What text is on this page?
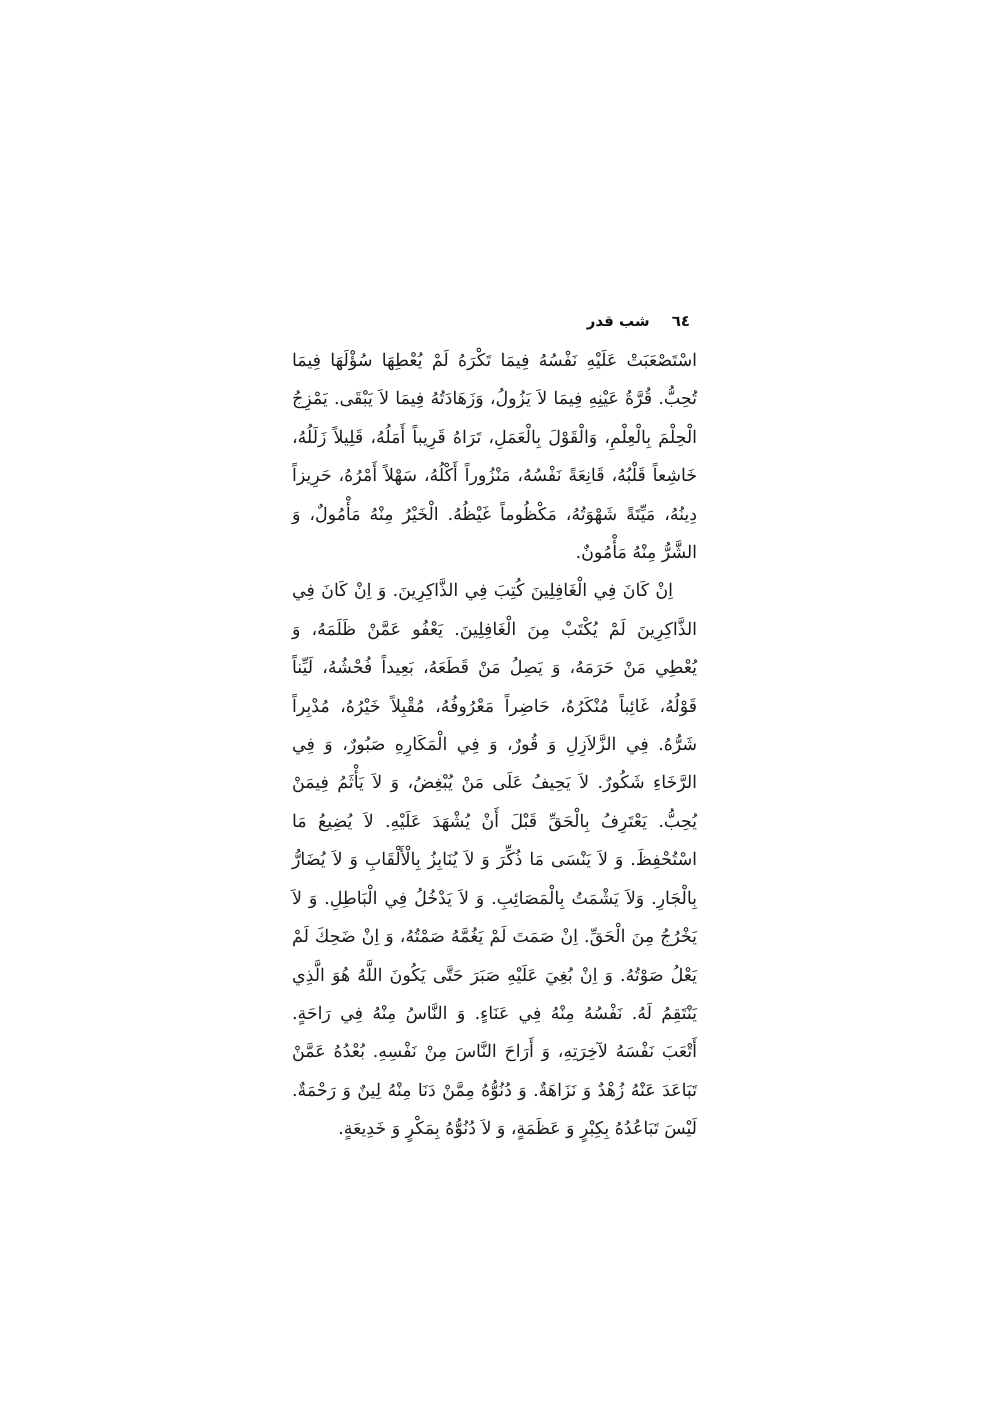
٦٤
شب قدر

اسْتَصْعَبَتْ عَلَيْهِ نَفْسُهُ فِيمَا تَكْرَهُ لَمْ يُعْطِهَا سُؤْلَهَا فِيمَا تُحِبُّ. قُرَّةُ عَيْنِهِ فِيمَا لاَ يَزُولُ، وَزَهَادَتُهُ فِيمَا لاَ يَبْقَى. يَمْزِجُ الْحِلْمَ بِالْعِلْمِ، وَالْقَوْلَ بِالْعَمَلِ، تَرَاهُ قَرِيباً أَمَلُهُ، قَلِيلاً زَلَلُهُ، خَاشِعاً قَلْبُهُ، قَانِعَةً نَفْسُهُ، مَنْزُوراً أَكْلُهُ، سَهْلاً أَمْرُهُ، حَرِيزاً دِينُهُ، مَيِّتَةً شَهْوَتُهُ، مَكْظُوماً غَيْظُهُ. الْخَيْرُ مِنْهُ مَأْمُولٌ، وَ الشَّرُّ مِنْهُ مَأْمُونٌ.

اِنْ كَانَ فِي الْغَافِلِينَ كُتِبَ فِي الذَّاكِرِينَ. وَ اِنْ كَانَ فِي الذَّاكِرِينَ لَمْ يُكْتَبْ مِنَ الْغَافِلِينَ. يَعْفُو عَمَّنْ ظَلَمَهُ، وَ يُعْطِي مَنْ حَرَمَهُ، وَ يَصِلُ مَنْ قَطَعَهُ، بَعِيداً فُحْشُهُ، لَيِّناً قَوْلُهُ، غَائِباً مُنْكَرُهُ، حَاضِراً مَعْرُوفُهُ، مُقْبِلاً خَيْرُهُ، مُدْبِراً شَرُّهُ. فِي الزَّلاَزِلِ وَ قُورٌ، وَ فِي الْمَكَارِهِ صَبُورٌ، وَ فِي الرَّخَاءِ شَكُورٌ. لاَ يَحِيفُ عَلَى مَنْ يُبْغِضُ، وَ لاَ يَأْثَمُ فِيمَنْ يُحِبُّ. يَعْتَرِفُ بِالْحَقِّ قَبْلَ أَنْ يُشْهَدَ عَلَيْهِ. لاَ يُضِيعُ مَا اسْتُحْفِظَ. وَ لاَ يَنْسَى مَا ذُكِّرَ وَ لاَ يُنَابِزُ بِالْأَلْقَابِ وَ لاَ يُضَارُّ بِالْجَارِ. وَلاَ يَشْمَتُ بِالْمَصَائِبِ. وَ لاَ يَدْخُلُ فِي الْبَاطِلِ. وَ لاَ يَخْرُجُ مِنَ الْحَقِّ. اِنْ صَمَتَ لَمْ يَغُمَّهُ صَمْتُهُ، وَ اِنْ ضَحِكَ لَمْ يَعْلُ صَوْتُهُ. وَ اِنْ بُغِيَ عَلَيْهِ صَبَرَ حَتَّى يَكُونَ اللَّهُ هُوَ الَّذِي يَنْتَقِمُ لَهُ. نَفْسُهُ مِنْهُ فِي عَنَاءٍ. وَ النَّاسُ مِنْهُ فِي رَاحَةٍ. أَتْعَبَ نَفْسَهُ لآخِرَتِهِ، وَ أَرَاحَ النَّاسَ مِنْ نَفْسِهِ. بُعْدُهُ عَمَّنْ تَبَاعَدَ عَنْهُ زُهْدٌ وَ نَزَاهَةٌ. وَ دُنُوُّهُ مِمَّنْ دَنَا مِنْهُ لِينٌ وَ رَحْمَةٌ. لَيْسَ تَبَاعُدُهُ بِكِبْرٍ وَ عَظَمَةٍ، وَ لاَ دُنُوُّهُ بِمَكْرٍ وَ خَدِيعَةٍ.
